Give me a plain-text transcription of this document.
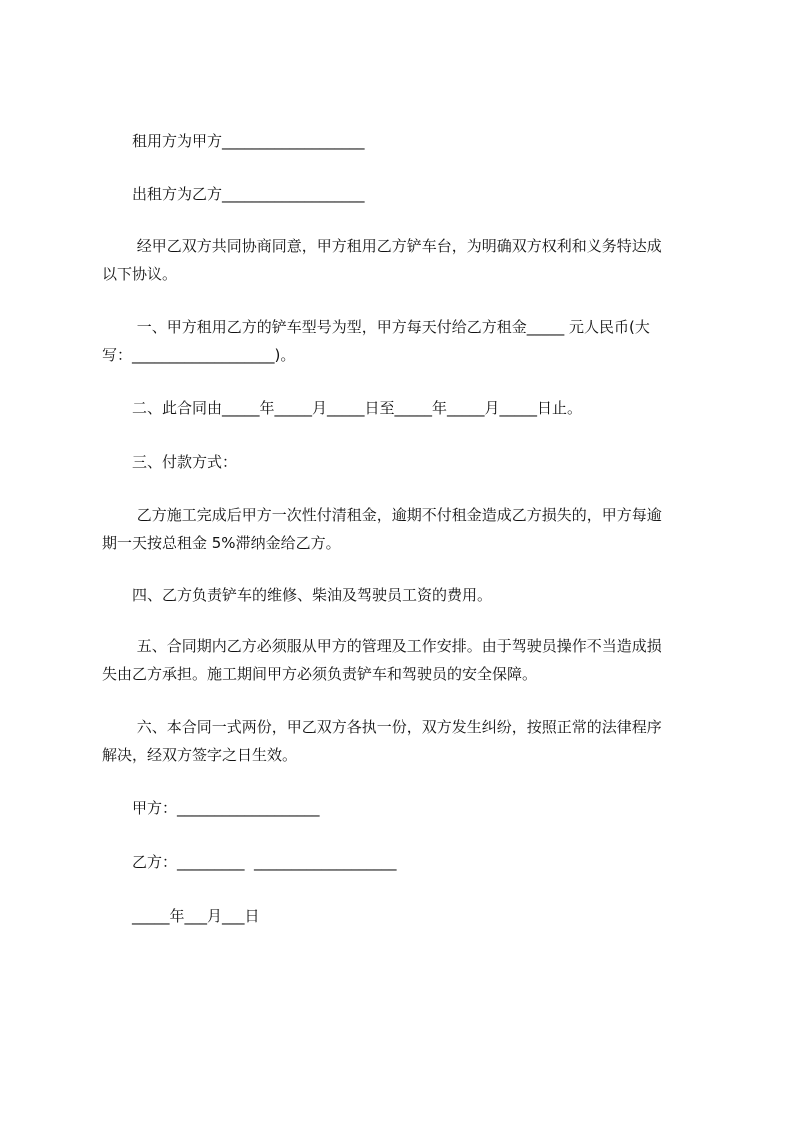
　　租用方为甲方___________________

　　出租方为乙方___________________

　　 经甲乙双方共同协商同意，甲方租用乙方铲车台，为明确双方权利和义务特达成

以下协议。

　　 一、甲方租用乙方的铲车型号为型，甲方每天付给乙方租金_____ 元人民币(大

写：___________________)。

　　二、此合同由_____年_____月_____日至_____年_____月_____日止。

　　三、付款方式：

　　 乙方施工完成后甲方一次性付清租金，逾期不付租金造成乙方损失的，甲方每逾

期一天按总租金 5%滞纳金给乙方。

　　四、乙方负责铲车的维修、柴油及驾驶员工资的费用。

　　 五、合同期内乙方必须服从甲方的管理及工作安排。由于驾驶员操作不当造成损

失由乙方承担。施工期间甲方必须负责铲车和驾驶员的安全保障。

　　 六、本合同一式两份，甲乙双方各执一份，双方发生纠纷，按照正常的法律程序

解决，经双方签字之日生效。

　　甲方：___________________

　　乙方：_________  ___________________

　　_____年___月___日
